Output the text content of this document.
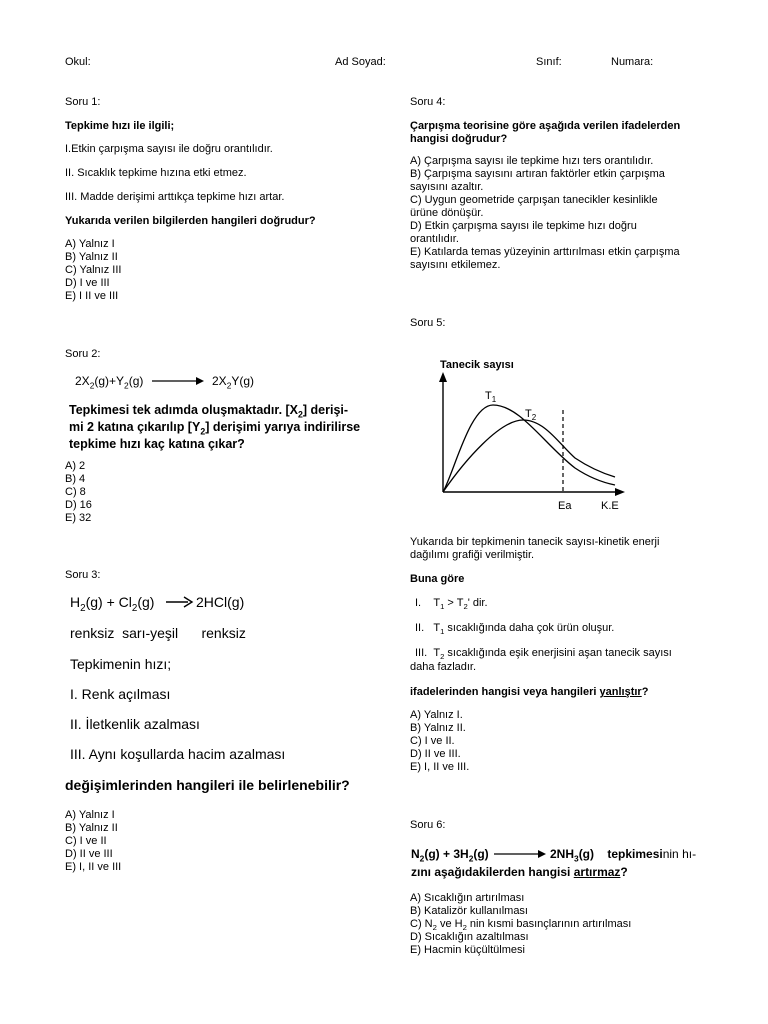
Okul:	Ad Soyad:	Sınıf:	Numara:
Soru 1:
Tepkime hızı ile ilgili;
I.Etkin çarpışma sayısı ile doğru orantılıdır.
II. Sıcaklık tepkime hızına etki etmez.
III. Madde derişimi arttıkça tepkime hızı artar.
Yukarıda verilen bilgilerden hangileri doğrudur?
A) Yalnız I
B) Yalnız II
C) Yalnız III
D) I ve III
E) I II ve III
Soru 2:
$2X_2(g)+Y_2(g)$	$2X_2Y(g)$
Tepkimesi tek adımda oluşmaktadır. $[X_2]$ derişi-
mi 2 katına çıkarılıp $[Y_2]$ derişimi yarıya indirilirse
tepkime hızı kaç katına çıkar?
A) 2
B) 4
C) 8
D) 16
E) 32
Soru 3:
$H_2(g) + Cl_2(g)$	2HCl(g)
renksiz  sarı-yeşil      renksiz
Tepkimenin hızı;
I. Renk açılması
II. İletkenlik azalması
III. Aynı koşullarda hacim azalması
değişimlerinden hangileri ile belirlenebilir?
A) Yalnız I
B) Yalnız II
C) I ve II
D) II ve III
E) I, II ve III
Soru 4:
Çarpışma teorisine göre aşağıda verilen ifadelerden
hangisi doğrudur?
A) Çarpışma sayısı ile tepkime hızı ters orantılıdır.
B) Çarpışma sayısını artıran faktörler etkin çarpışma
sayısını azaltır.
C) Uygun geometride çarpışan tanecikler kesinlikle
ürüne dönüşür.
D) Etkin çarpışma sayısı ile tepkime hızı doğru
orantılıdır.
E) Katılarda temas yüzeyinin arttırılması etkin çarpışma
sayısını etkilemez.
Soru 5:
Tanecik sayısı
$T_1$
$T_2$
Ea	K.E
Yukarıda bir tepkimenin tanecik sayısı-kinetik enerji
dağılımı grafiği verilmiştir.
Buna göre
I. $T_1 > T_2'$ dir.
II. $T_1$ sıcaklığında daha çok ürün oluşur.
III. $T_2$ sıcaklığında eşik enerjisini aşan tanecik sayısı
daha fazladır.
ifadelerinden hangisi veya hangileri yanlıştır?
A) Yalnız I.
B) Yalnız II.
C) I ve II.
D) II ve III.
E) I, II ve III.
Soru 6:
$N_2(g) + 3H_2(g)$	$2NH_3(g)$ tepkimesinin hı-
zını aşağıdakilerden hangisi artırmaz?
A) Sıcaklığın artırılması
B) Katalizör kullanılması
C) $N_2$ ve $H_2$ nin kısmi basınçlarının artırılması
D) Sıcaklığın azaltılması
E) Hacmin küçültülmesi
